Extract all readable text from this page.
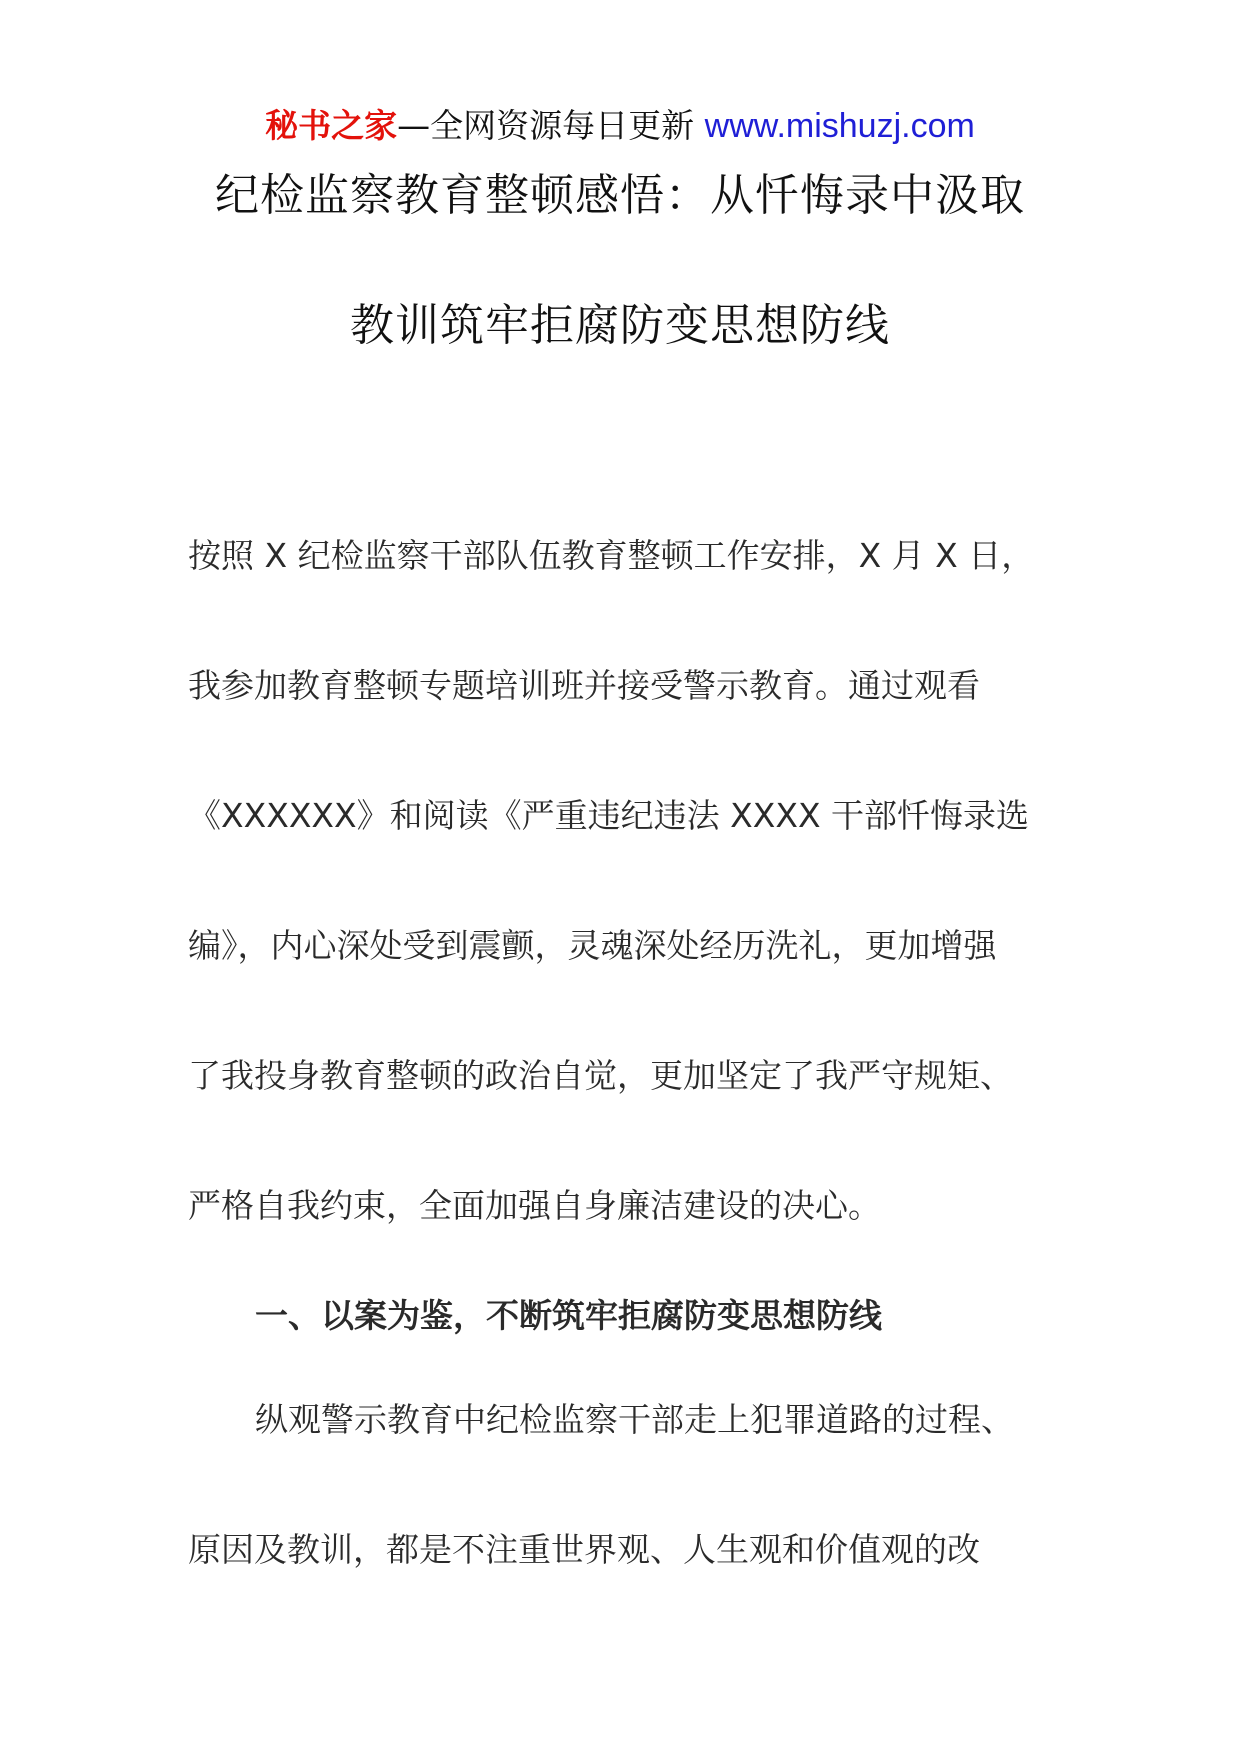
秘书之家—全网资源每日更新 www.mishuzj.com
纪检监察教育整顿感悟：从忏悔录中汲取
教训筑牢拒腐防变思想防线
按照 X 纪检监察干部队伍教育整顿工作安排，X 月 X 日，
我参加教育整顿专题培训班并接受警示教育。通过观看
《XXXXXX》和阅读《严重违纪违法 XXXX 干部忏悔录选
编》，内心深处受到震颤，灵魂深处经历洗礼，更加增强
了我投身教育整顿的政治自觉，更加坚定了我严守规矩、
严格自我约束，全面加强自身廉洁建设的决心。
一、以案为鉴，不断筑牢拒腐防变思想防线
纵观警示教育中纪检监察干部走上犯罪道路的过程、
原因及教训，都是不注重世界观、人生观和价值观的改
